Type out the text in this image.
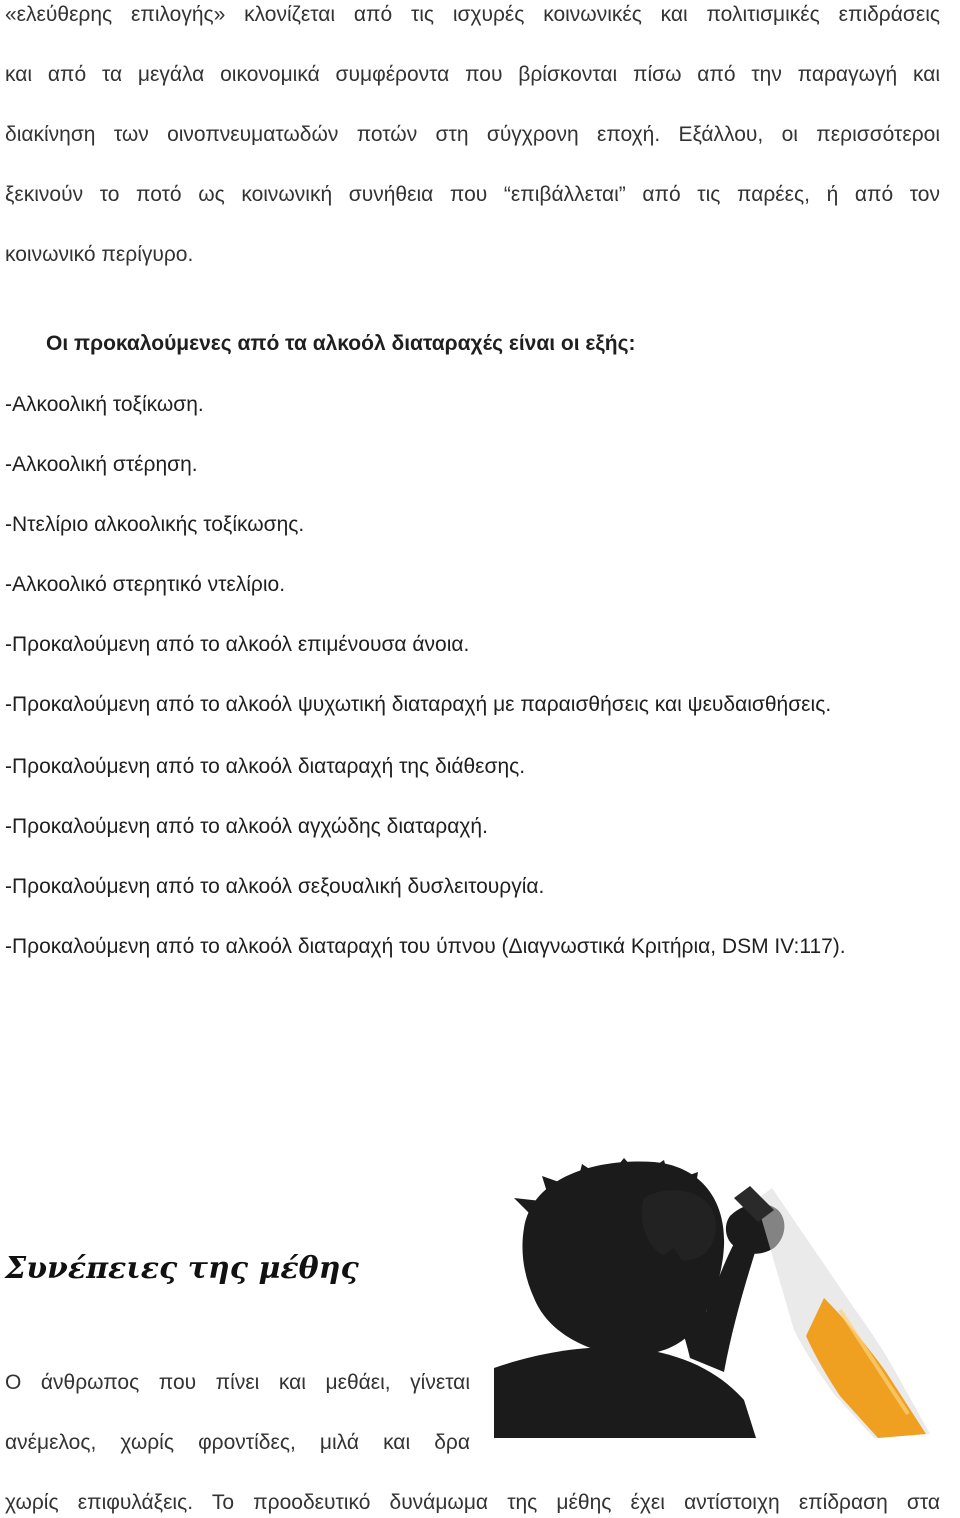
«ελεύθερης επιλογής» κλονίζεται από τις ισχυρές κοινωνικές και πολιτισμικές επιδράσεις
και από τα μεγάλα οικονομικά συμφέροντα που βρίσκονται πίσω από την παραγωγή και
διακίνηση των οινοπνευματωδών ποτών στη σύγχρονη εποχή. Εξάλλου, οι περισσότεροι
ξεκινούν το ποτό ως κοινωνική συνήθεια που “επιβάλλεται” από τις παρέες, ή από τον
κοινωνικό περίγυρο.
Οι προκαλούμενες από τα αλκοόλ διαταραχές είναι οι εξής:
-Αλκοολική τοξίκωση.
-Αλκοολική στέρηση.
-Ντελίριο αλκοολικής τοξίκωσης.
-Αλκοολικό στερητικό ντελίριο.
-Προκαλούμενη από το αλκοόλ επιμένουσα άνοια.
-Προκαλούμενη από το αλκοόλ ψυχωτική διαταραχή με παραισθήσεις και ψευδαισθήσεις.
-Προκαλούμενη από το αλκοόλ διαταραχή της διάθεσης.
-Προκαλούμενη από το αλκοόλ αγχώδης διαταραχή.
-Προκαλούμενη από το αλκοόλ σεξουαλική δυσλειτουργία.
-Προκαλούμενη από το αλκοόλ διαταραχή του ύπνου (Διαγνωστικά Κριτήρια, DSM IV:117).
Συνέπειες της μέθης
Ο άνθρωπος που πίνει και μεθάει, γίνεται
ανέμελος, χωρίς φροντίδες, μιλά και δρα
χωρίς επιφυλάξεις. Το προοδευτικό δυνάμωμα της μέθης έχει αντίστοιχη επίδραση στα
